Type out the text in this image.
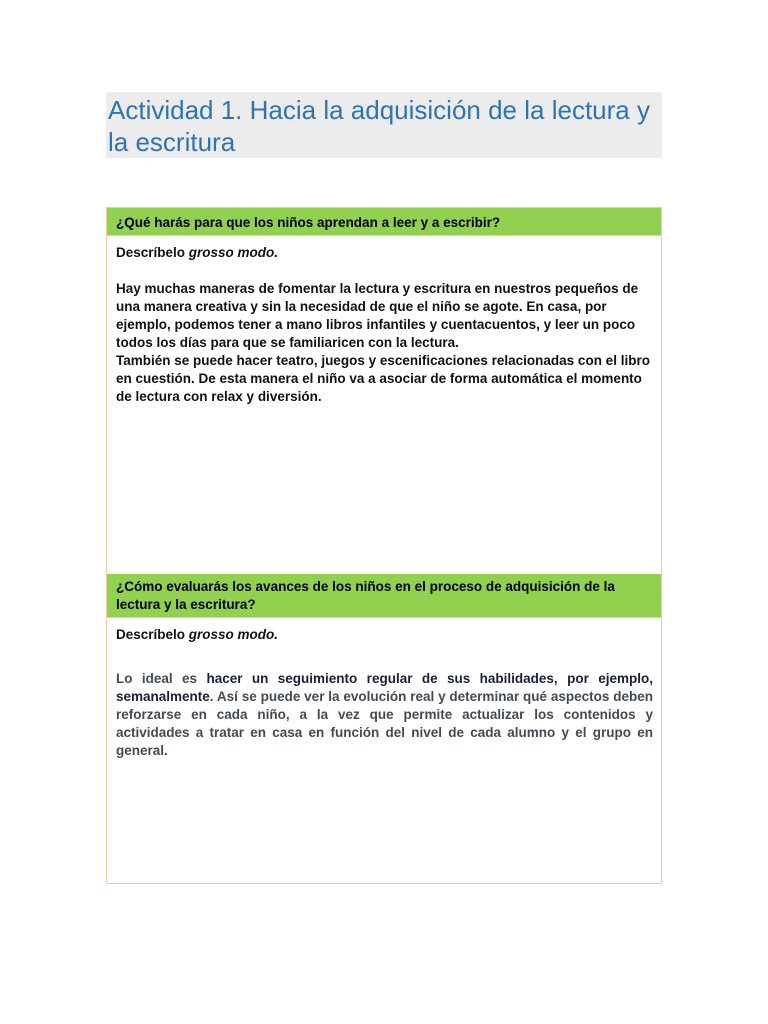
Actividad 1. Hacia la adquisición de la lectura y la escritura
¿Qué harás para que los niños aprendan a leer y a escribir?

Descríbelo grosso modo.

Hay muchas maneras de fomentar la lectura y escritura en nuestros pequeños de una manera creativa y sin la necesidad de que el niño se agote. En casa, por ejemplo, podemos tener a mano libros infantiles y cuentacuentos, y leer un poco todos los días para que se familiaricen con la lectura.

También se puede hacer teatro, juegos y escenificaciones relacionadas con el libro en cuestión. De esta manera el niño va a asociar de forma automática el momento de lectura con relax y diversión.

¿Cómo evaluarás los avances de los niños en el proceso de adquisición de la lectura y la escritura?

Descríbelo grosso modo.

Lo ideal es hacer un seguimiento regular de sus habilidades, por ejemplo, semanalmente. Así se puede ver la evolución real y determinar qué aspectos deben reforzarse en cada niño, a la vez que permite actualizar los contenidos y actividades a tratar en casa en función del nivel de cada alumno y el grupo en general.
